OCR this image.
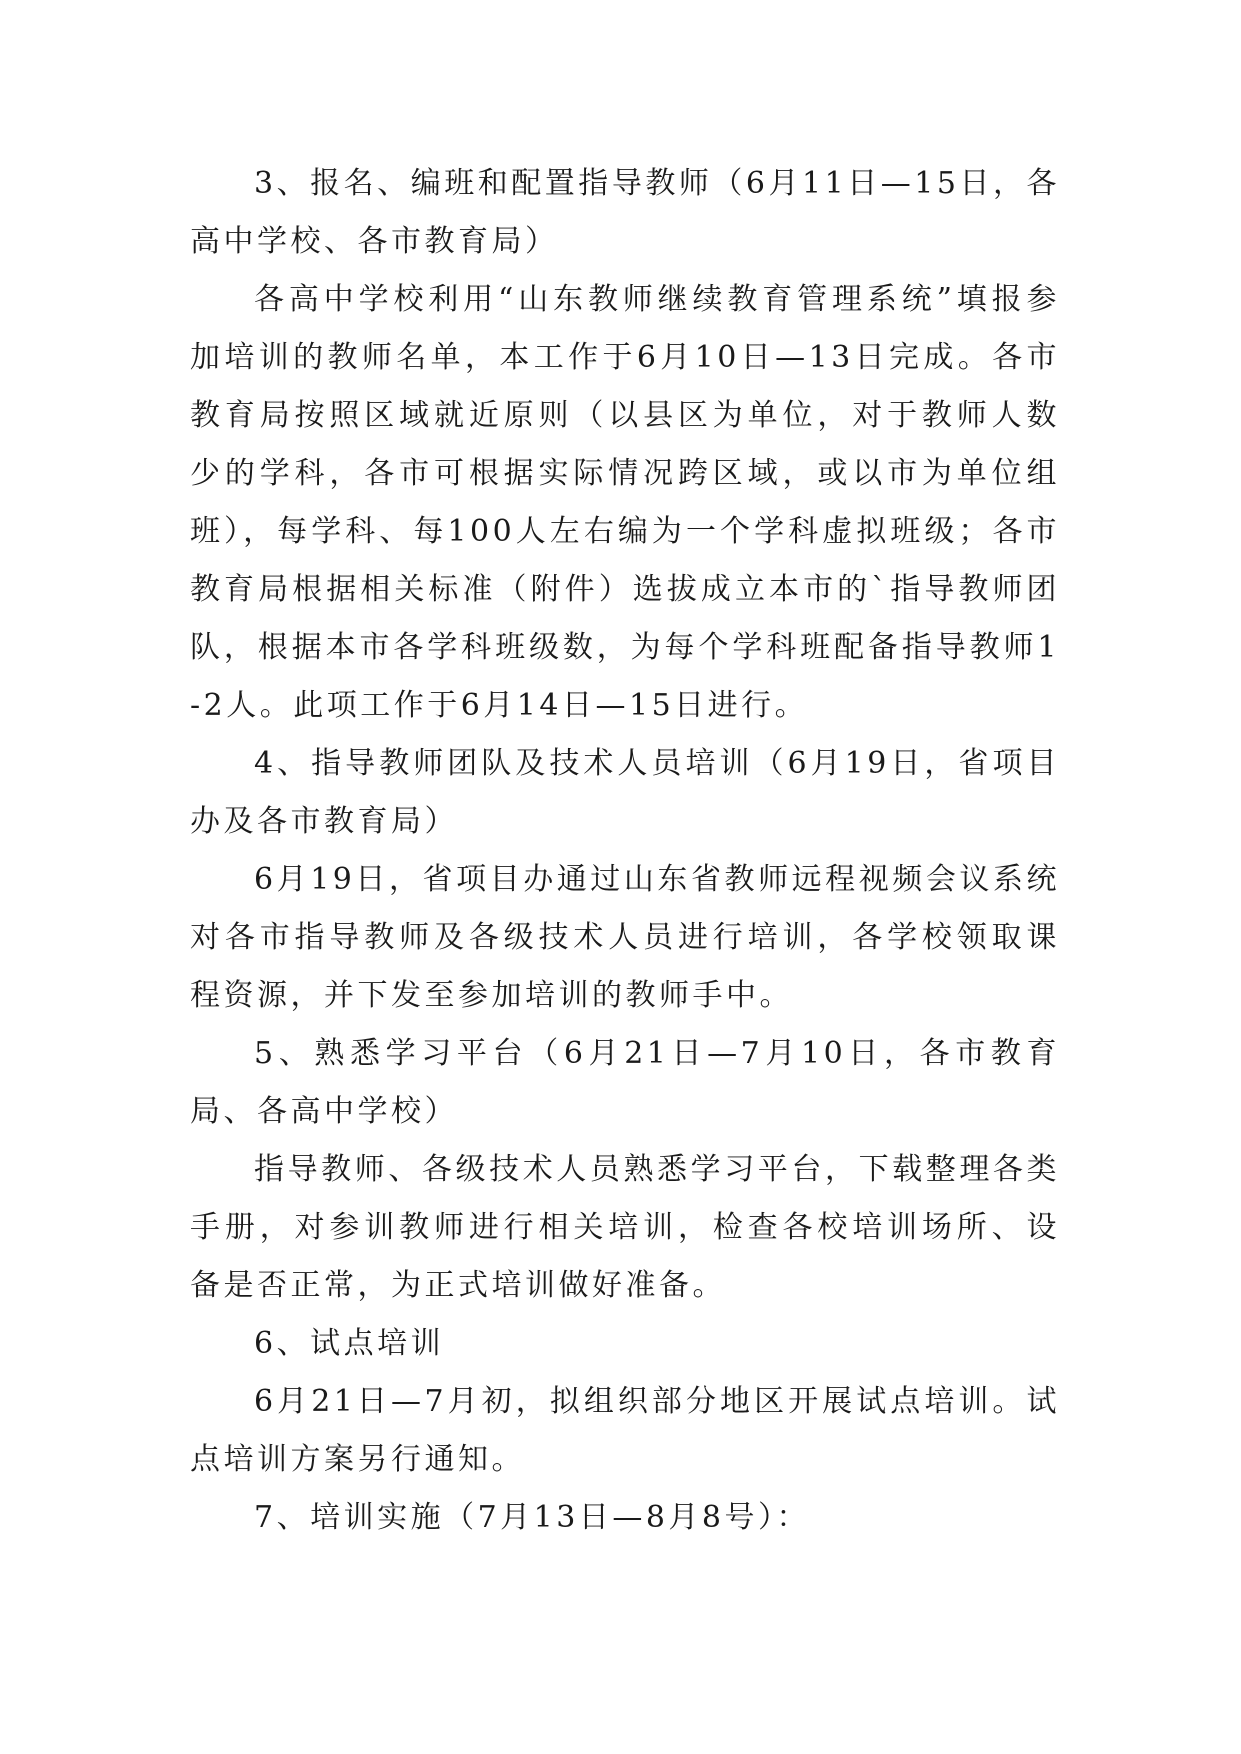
3、报名、编班和配置指导教师（6月11日—15日，各高中学校、各市教育局）

各高中学校利用“山东教师继续教育管理系统”填报参加培训的教师名单，本工作于6月10日—13日完成。各市教育局按照区域就近原则（以县区为单位，对于教师人数少的学科，各市可根据实际情况跨区域，或以市为单位组班），每学科、每100人左右编为一个学科虚拟班级；各市教育局根据相关标准（附件）选拔成立本市的`指导教师团队，根据本市各学科班级数，为每个学科班配备指导教师1-2人。此项工作于6月14日—15日进行。

4、指导教师团队及技术人员培训（6月19日，省项目办及各市教育局）

6月19日，省项目办通过山东省教师远程视频会议系统对各市指导教师及各级技术人员进行培训，各学校领取课程资源，并下发至参加培训的教师手中。

5、熟悉学习平台（6月21日—7月10日，各市教育局、各高中学校）

指导教师、各级技术人员熟悉学习平台，下载整理各类手册，对参训教师进行相关培训，检查各校培训场所、设备是否正常，为正式培训做好准备。

6、试点培训

6月21日—7月初，拟组织部分地区开展试点培训。试点培训方案另行通知。

7、培训实施（7月13日—8月8号）：
